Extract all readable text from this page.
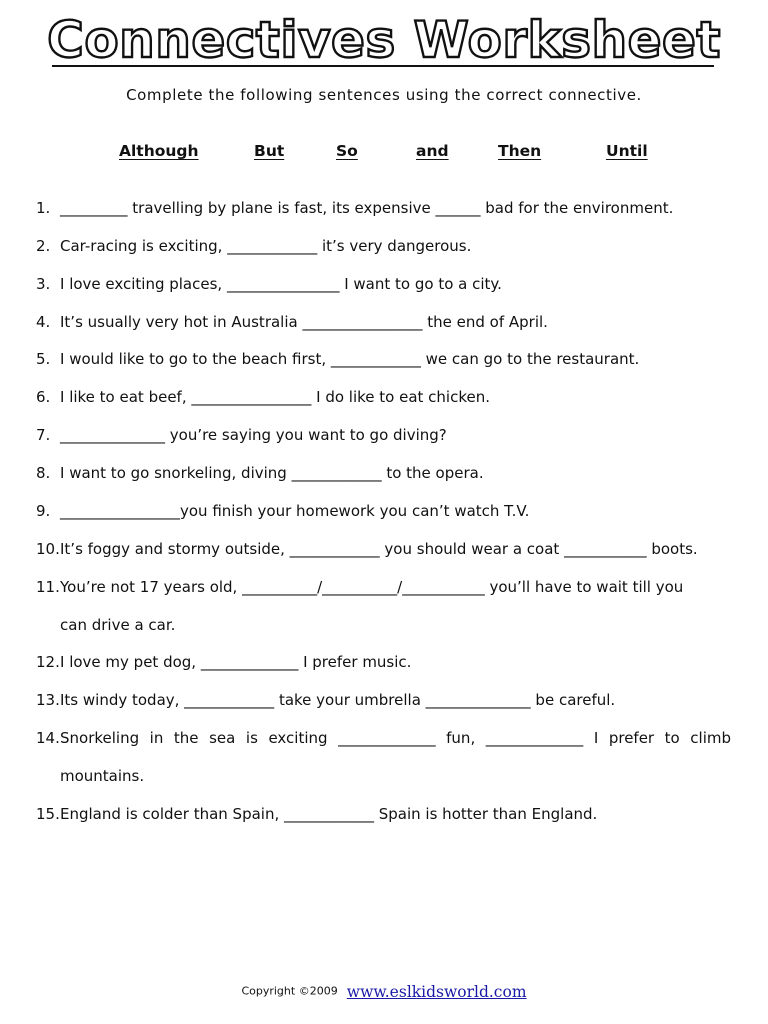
Connectives Worksheet
Complete the following sentences using the correct connective.
Although	But	So	and	Then	Until
1. _________ travelling by plane is fast, its expensive ______ bad for the environment.
2. Car-racing is exciting, ____________ it’s very dangerous.
3. I love exciting places, _______________ I want to go to a city.
4. It’s usually very hot in Australia ________________ the end of April.
5. I would like to go to the beach first, ____________ we can go to the restaurant.
6. I like to eat beef, ________________ I do like to eat chicken.
7. ______________ you’re saying you want to go diving?
8. I want to go snorkeling, diving ____________ to the opera.
9. ________________you finish your homework you can’t watch T.V.
10. It’s foggy and stormy outside, ____________ you should wear a coat ___________ boots.
11. You’re not 17 years old, __________/__________/___________ you’ll have to wait till you
can drive a car.
12. I love my pet dog, _____________ I prefer music.
13. Its windy today, ____________ take your umbrella ______________ be careful.
14. Snorkeling in the sea is exciting _____________ fun, _____________ I prefer to climb
mountains.
15. England is colder than Spain, ____________ Spain is hotter than England.
Copyright ©2009 www.eslkidsworld.com
